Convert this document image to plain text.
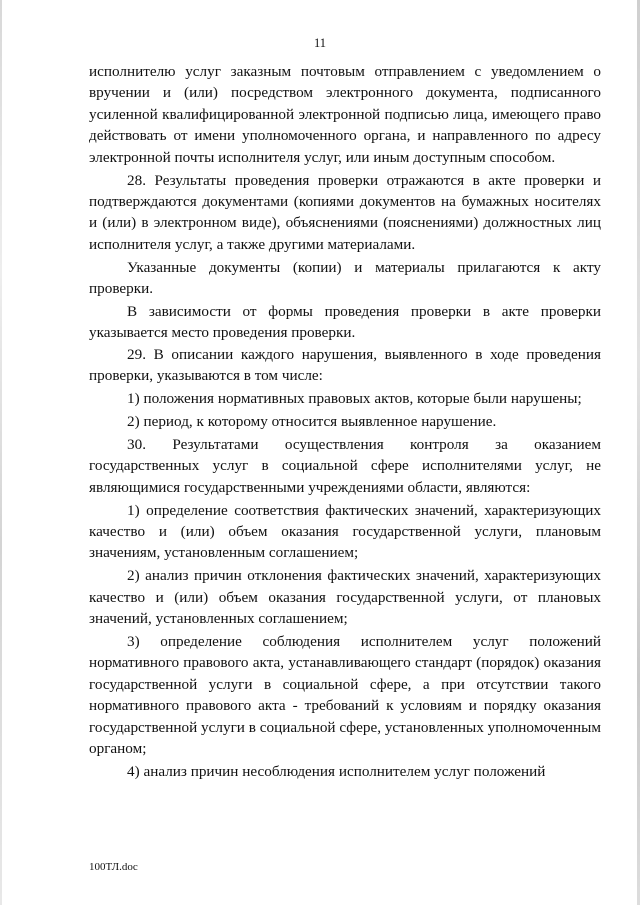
11

исполнителю услуг заказным почтовым отправлением с уведомлением о вручении и (или) посредством электронного документа, подписанного усиленной квалифицированной электронной подписью лица, имеющего право действовать от имени уполномоченного органа, и направленного по адресу электронной почты исполнителя услуг, или иным доступным способом.

28. Результаты проведения проверки отражаются в акте проверки и подтверждаются документами (копиями документов на бумажных носителях и (или) в электронном виде), объяснениями (пояснениями) должностных лиц исполнителя услуг, а также другими материалами.

Указанные документы (копии) и материалы прилагаются к акту проверки.

В зависимости от формы проведения проверки в акте проверки указывается место проведения проверки.

29. В описании каждого нарушения, выявленного в ходе проведения проверки, указываются в том числе:

1) положения нормативных правовых актов, которые были нарушены;

2) период, к которому относится выявленное нарушение.

30. Результатами осуществления контроля за оказанием государственных услуг в социальной сфере исполнителями услуг, не являющимися государственными учреждениями области, являются:

1) определение соответствия фактических значений, характеризующих качество и (или) объем оказания государственной услуги, плановым значениям, установленным соглашением;

2) анализ причин отклонения фактических значений, характеризующих качество и (или) объем оказания государственной услуги, от плановых значений, установленных соглашением;

3) определение соблюдения исполнителем услуг положений нормативного правового акта, устанавливающего стандарт (порядок) оказания государственной услуги в социальной сфере, а при отсутствии такого нормативного правового акта - требований к условиям и порядку оказания государственной услуги в социальной сфере, установленных уполномоченным органом;

4) анализ причин несоблюдения исполнителем услуг положений

100ТЛ.doc
